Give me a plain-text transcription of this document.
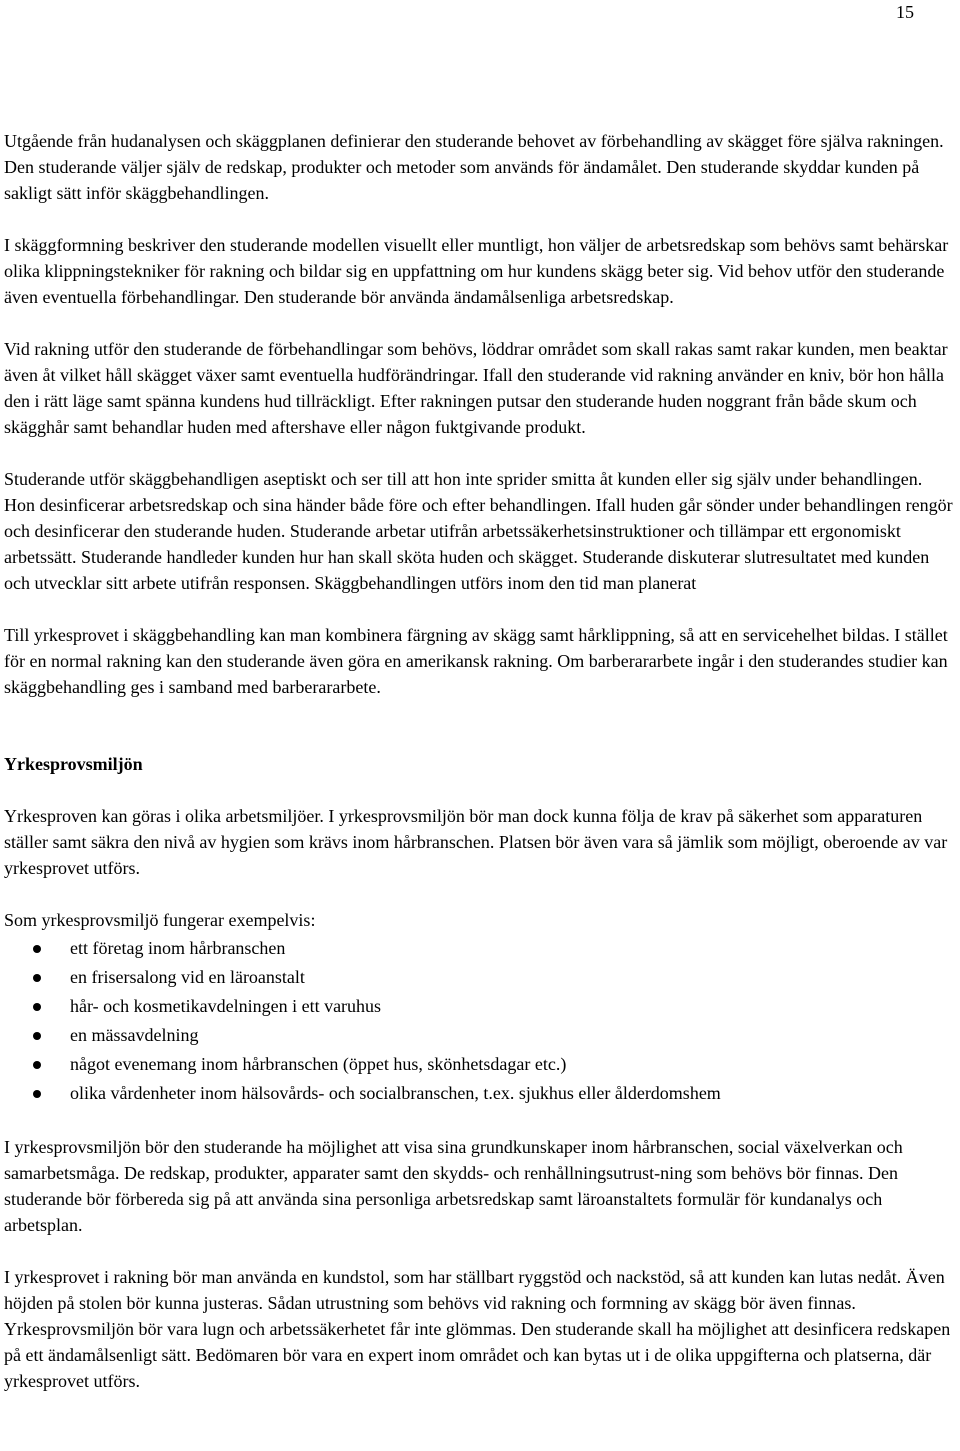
15

Utgående från hudanalysen och skäggplanen definierar den studerande behovet av förbehandling av skägget före själva rakningen. Den studerande väljer själv de redskap, produkter och metoder som används för ändamålet. Den studerande skyddar kunden på sakligt sätt inför skäggbehandlingen.

I skäggformning beskriver den studerande modellen visuellt eller muntligt, hon väljer de arbetsredskap som behövs samt behärskar olika klippningstekniker för rakning och bildar sig en uppfattning om hur kundens skägg beter sig. Vid behov utför den studerande även eventuella förbehandlingar. Den studerande bör använda ändamålsenliga arbetsredskap.

Vid rakning utför den studerande de förbehandlingar som behövs, löddrar området som skall rakas samt rakar kunden, men beaktar även åt vilket håll skägget växer samt eventuella hudförändringar. Ifall den studerande vid rakning använder en kniv, bör hon hålla den i rätt läge samt spänna kundens hud tillräckligt. Efter rakningen putsar den studerande huden noggrant från både skum och skägghår samt behandlar huden med aftershave eller någon fuktgivande produkt.

Studerande utför skäggbehandligen aseptiskt och ser till att hon inte sprider smitta åt kunden eller sig själv under behandlingen. Hon desinficerar arbetsredskap och sina händer både före och efter behandlingen. Ifall huden går sönder under behandlingen rengör och desinficerar den studerande huden. Studerande arbetar utifrån arbetssäkerhetsinstruktioner och tillämpar ett ergonomiskt arbetssätt. Studerande handleder kunden hur han skall sköta huden och skägget. Studerande diskuterar slutresultatet med kunden och utvecklar sitt arbete utifrån responsen. Skäggbehandlingen utförs inom den tid man planerat

Till yrkesprovet i skäggbehandling kan man kombinera färgning av skägg samt hårklippning, så att en servicehelhet bildas. I stället för en normal rakning kan den studerande även göra en amerikansk rakning. Om barberararbete ingår i den studerandes studier kan skäggbehandling ges i samband med barberararbete.

Yrkesprovsmiljön

Yrkesproven kan göras i olika arbetsmiljöer. I yrkesprovsmiljön bör man dock kunna följa de krav på säkerhet som apparaturen ställer samt säkra den nivå av hygien som krävs inom hårbranschen. Platsen bör även vara så jämlik som möjligt, oberoende av var yrkesprovet utförs.

Som yrkesprovsmiljö fungerar exempelvis:

ett företag inom hårbranschen
en frisersalong vid en läroanstalt
hår- och kosmetikavdelningen i ett varuhus
en mässavdelning
något evenemang inom hårbranschen (öppet hus, skönhetsdagar etc.)
olika vårdenheter inom hälsovårds- och socialbranschen, t.ex. sjukhus eller ålderdomshem

I yrkesprovsmiljön bör den studerande ha möjlighet att visa sina grundkunskaper inom hårbranschen, social växelverkan och samarbetsmåga. De redskap, produkter, apparater samt den skydds- och renhållningsutrust-ning som behövs bör finnas. Den studerande bör förbereda sig på att använda sina personliga arbetsredskap samt läroanstaltets formulär för kundanalys och arbetsplan.

I yrkesprovet i rakning bör man använda en kundstol, som har ställbart ryggstöd och nackstöd, så att kunden kan lutas nedåt. Även höjden på stolen bör kunna justeras. Sådan utrustning som behövs vid rakning och formning av skägg bör även finnas. Yrkesprovsmiljön bör vara lugn och arbetssäkerhetet får inte glömmas. Den studerande skall ha möjlighet att desinficera redskapen på ett ändamålsenligt sätt. Bedömaren bör vara en expert inom området och kan bytas ut i de olika uppgifterna och platserna, där yrkesprovet utförs.
